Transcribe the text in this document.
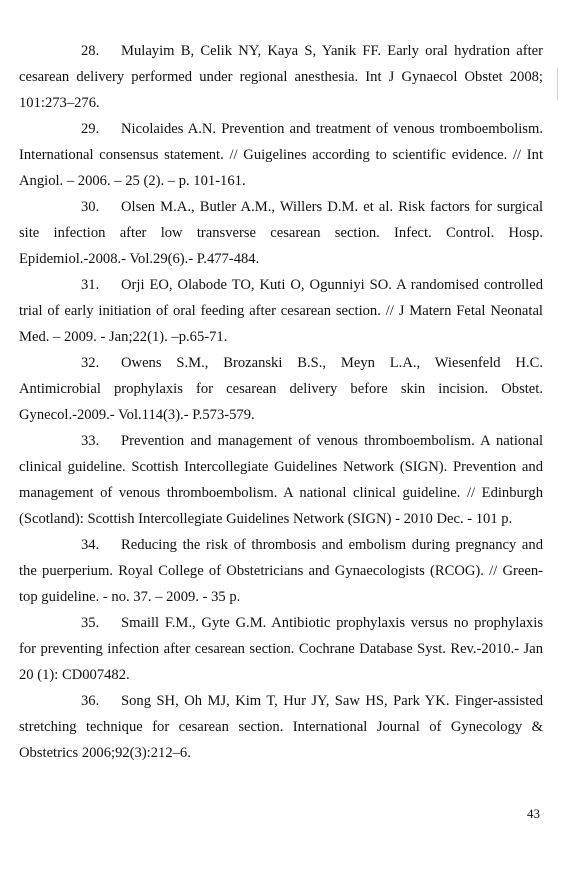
28. Mulayim B, Celik NY, Kaya S, Yanik FF. Early oral hydration after cesarean delivery performed under regional anesthesia. Int J Gynaecol Obstet 2008; 101:273–276.

29. Nicolaides A.N. Prevention and treatment of venous tromboembolism. International consensus statement. // Guigelines according to scientific evidence. // Int Angiol. – 2006. – 25 (2). – p. 101-161.

30. Olsen M.A., Butler A.M., Willers D.M. et al. Risk factors for surgical site infection after low transverse cesarean section. Infect. Control. Hosp. Epidemiol.-2008.- Vol.29(6).- P.477-484.

31. Orji EO, Olabode TO, Kuti O, Ogunniyi SO. A randomised controlled trial of early initiation of oral feeding after cesarean section. // J Matern Fetal Neonatal Med. – 2009. - Jan;22(1). –p.65-71.

32. Owens S.M., Brozanski B.S., Meyn L.A., Wiesenfeld H.C. Antimicrobial prophylaxis for cesarean delivery before skin incision. Obstet. Gynecol.-2009.- Vol.114(3).- P.573-579.

33. Prevention and management of venous thromboembolism. A national clinical guideline. Scottish Intercollegiate Guidelines Network (SIGN). Prevention and management of venous thromboembolism. A national clinical guideline. // Edinburgh (Scotland): Scottish Intercollegiate Guidelines Network (SIGN) - 2010 Dec. - 101 p.

34. Reducing the risk of thrombosis and embolism during pregnancy and the puerperium. Royal College of Obstetricians and Gynaecologists (RCOG). // Green-top guideline. - no. 37. – 2009. - 35 p.

35. Smaill F.M., Gyte G.M. Antibiotic prophylaxis versus no prophylaxis for preventing infection after cesarean section. Cochrane Database Syst. Rev.-2010.- Jan 20 (1): CD007482.

36. Song SH, Oh MJ, Kim T, Hur JY, Saw HS, Park YK. Finger-assisted stretching technique for cesarean section. International Journal of Gynecology & Obstetrics 2006;92(3):212–6.

43
